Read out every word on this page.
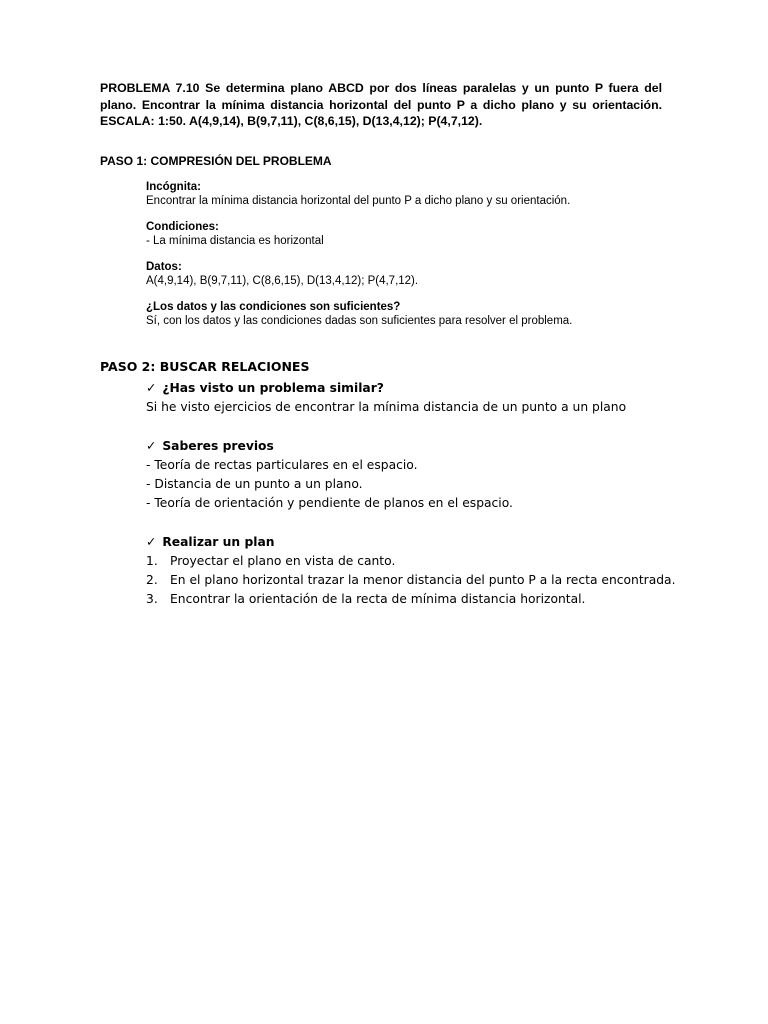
PROBLEMA 7.10 Se determina plano ABCD por dos líneas paralelas y un punto P fuera del plano. Encontrar la mínima distancia horizontal del punto P a dicho plano y su orientación. ESCALA: 1:50. A(4,9,14), B(9,7,11), C(8,6,15), D(13,4,12); P(4,7,12).

PASO 1: COMPRESIÓN DEL PROBLEMA

Incógnita:
Encontrar la mínima distancia horizontal del punto P a dicho plano y su orientación.
Condiciones:
- La mínima distancia es horizontal
Datos:
A(4,9,14), B(9,7,11), C(8,6,15), D(13,4,12); P(4,7,12).
¿Los datos y las condiciones son suficientes?
Sí, con los datos y las condiciones dadas son suficientes para resolver el problema.

PASO 2: BUSCAR RELACIONES

✓ ¿Has visto un problema similar?
Si he visto ejercicios de encontrar la mínima distancia de un punto a un plano
✓ Saberes previos
- Teoría de rectas particulares en el espacio.
- Distancia de un punto a un plano.
- Teoría de orientación y pendiente de planos en el espacio.
✓ Realizar un plan
1. Proyectar el plano en vista de canto.
2. En el plano horizontal trazar la menor distancia del punto P a la recta encontrada.
3. Encontrar la orientación de la recta de mínima distancia horizontal.
